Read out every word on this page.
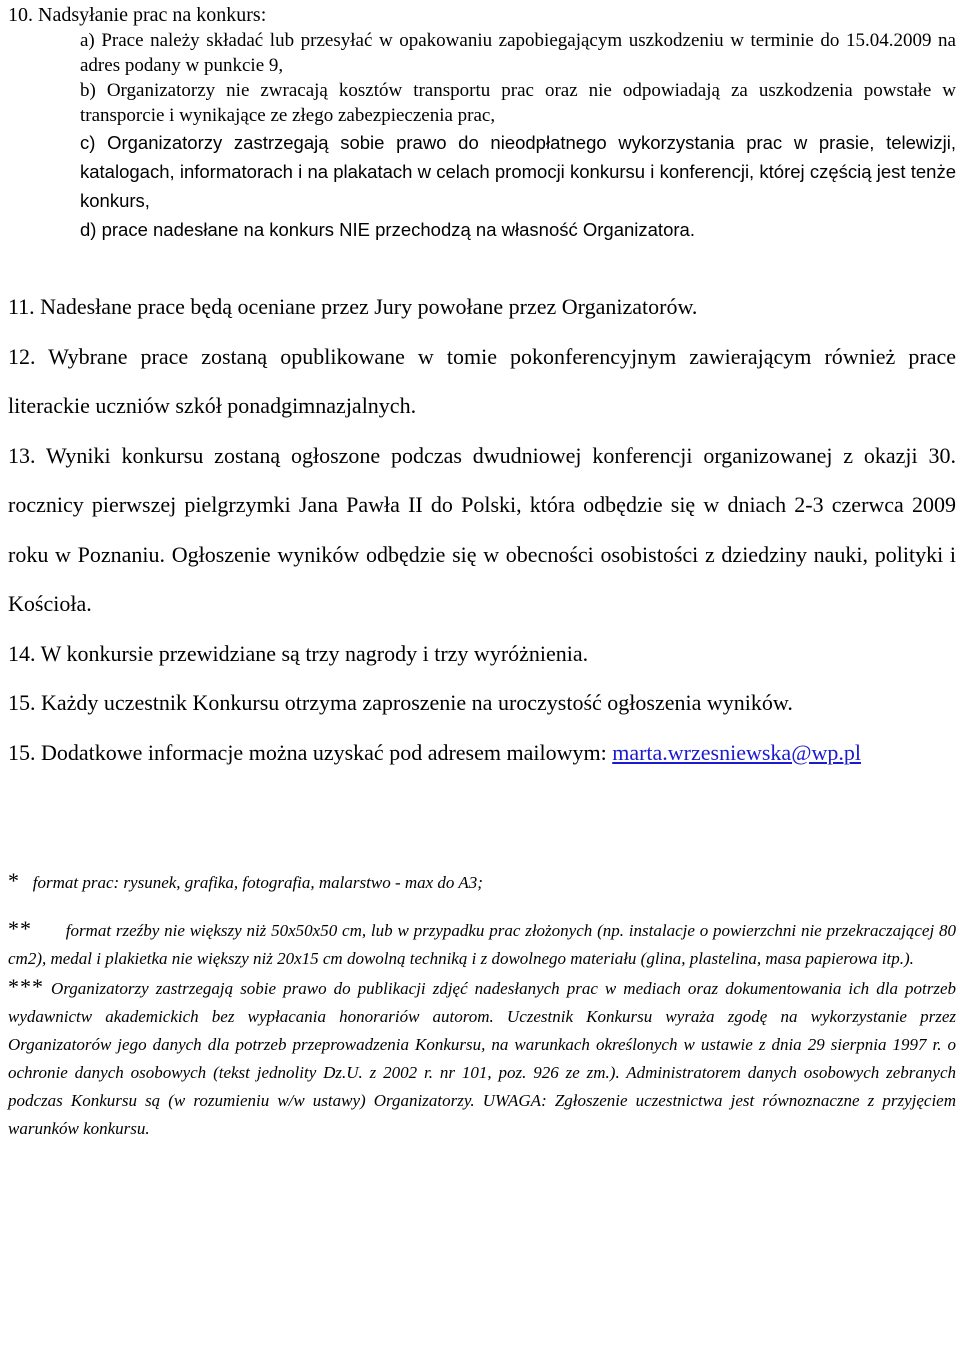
10. Nadsyłanie prac na konkurs:

a) Prace należy składać lub przesyłać w opakowaniu zapobiegającym uszkodzeniu w terminie do 15.04.2009 na adres podany w punkcie 9,

b) Organizatorzy nie zwracają kosztów transportu prac oraz nie odpowiadają za uszkodzenia powstałe w transporcie i wynikające ze złego zabezpieczenia prac,

c) Organizatorzy zastrzegają sobie prawo do nieodpłatnego wykorzystania prac w prasie, telewizji, katalogach, informatorach i na plakatach w celach promocji konkursu i konferencji, której częścią jest tenże konkurs,

d) prace nadesłane na konkurs NIE przechodzą na własność Organizatora.

11. Nadesłane prace będą oceniane przez Jury powołane przez Organizatorów.

12. Wybrane prace zostaną opublikowane w tomie pokonferencyjnym zawierającym również prace literackie uczniów szkół ponadgimnazjalnych.

13. Wyniki konkursu zostaną ogłoszone podczas dwudniowej konferencji organizowanej z okazji 30. rocznicy pierwszej pielgrzymki Jana Pawła II do Polski, która odbędzie się w dniach 2-3 czerwca 2009 roku w Poznaniu. Ogłoszenie wyników odbędzie się w obecności osobistości z dziedziny nauki, polityki i Kościoła.

14. W konkursie przewidziane są trzy nagrody i trzy wyróżnienia.

15. Każdy uczestnik Konkursu otrzyma zaproszenie na uroczystość ogłoszenia wyników.

15. Dodatkowe informacje można uzyskać pod adresem mailowym: marta.wrzesniewska@wp.pl

* format prac: rysunek, grafika, fotografia, malarstwo - max do A3;

** format rzeźby nie większy niż 50x50x50 cm, lub w przypadku prac złożonych (np. instalacje o powierzchni nie przekraczającej 80 cm2), medal i plakietka nie większy niż 20x15 cm dowolną techniką i z dowolnego materiału (glina, plastelina, masa papierowa itp.).

*** Organizatorzy zastrzegają sobie prawo do publikacji zdjęć nadesłanych prac w mediach oraz dokumentowania ich dla potrzeb wydawnictw akademickich bez wypłacania honorariów autorom. Uczestnik Konkursu wyraża zgodę na wykorzystanie przez Organizatorów jego danych dla potrzeb przeprowadzenia Konkursu, na warunkach określonych w ustawie z dnia 29 sierpnia 1997 r. o ochronie danych osobowych (tekst jednolity Dz.U. z 2002 r. nr 101, poz. 926 ze zm.). Administratorem danych osobowych zebranych podczas Konkursu są (w rozumieniu w/w ustawy) Organizatorzy. UWAGA: Zgłoszenie uczestnictwa jest równoznaczne z przyjęciem warunków konkursu.
